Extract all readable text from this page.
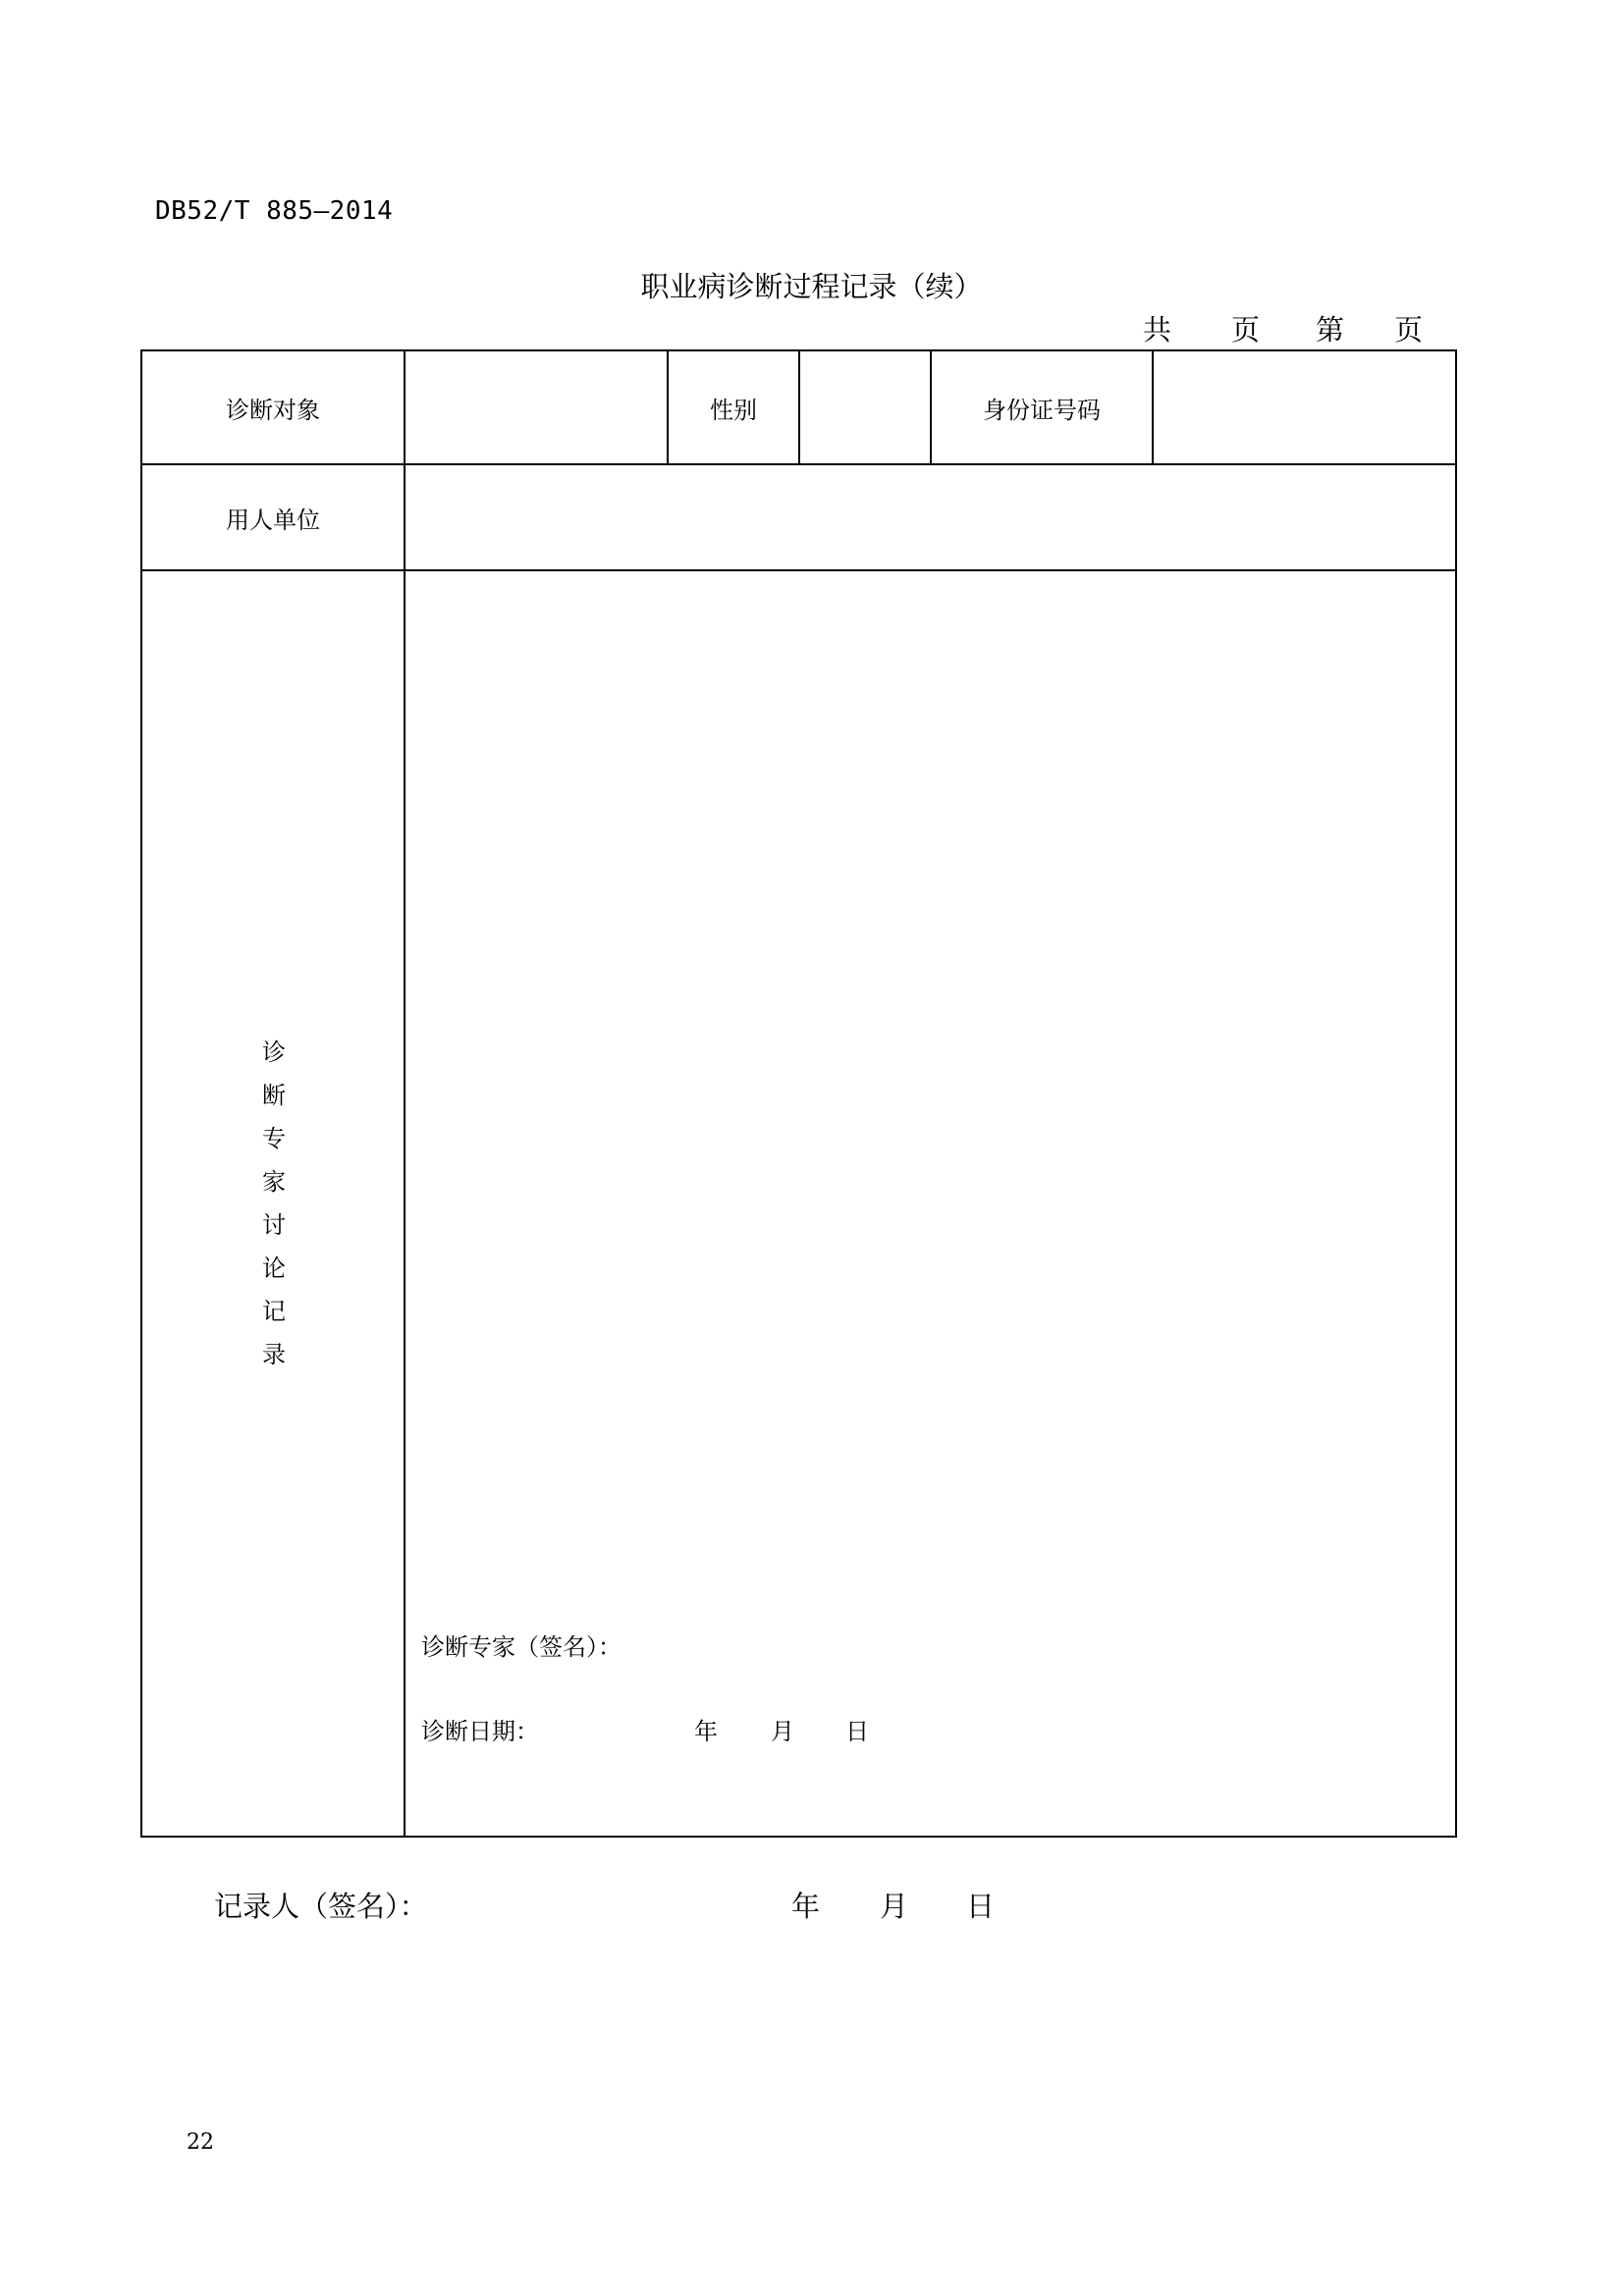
DB52/T 885—2014
职业病诊断过程记录（续）
共 页 第 页
诊断对象	性别	身份证号码
用人单位
诊
断
专
家
讨
论
记
录
诊断专家（签名）：
诊断日期：	年 月 日
记录人（签名）：	年 月 日
22
